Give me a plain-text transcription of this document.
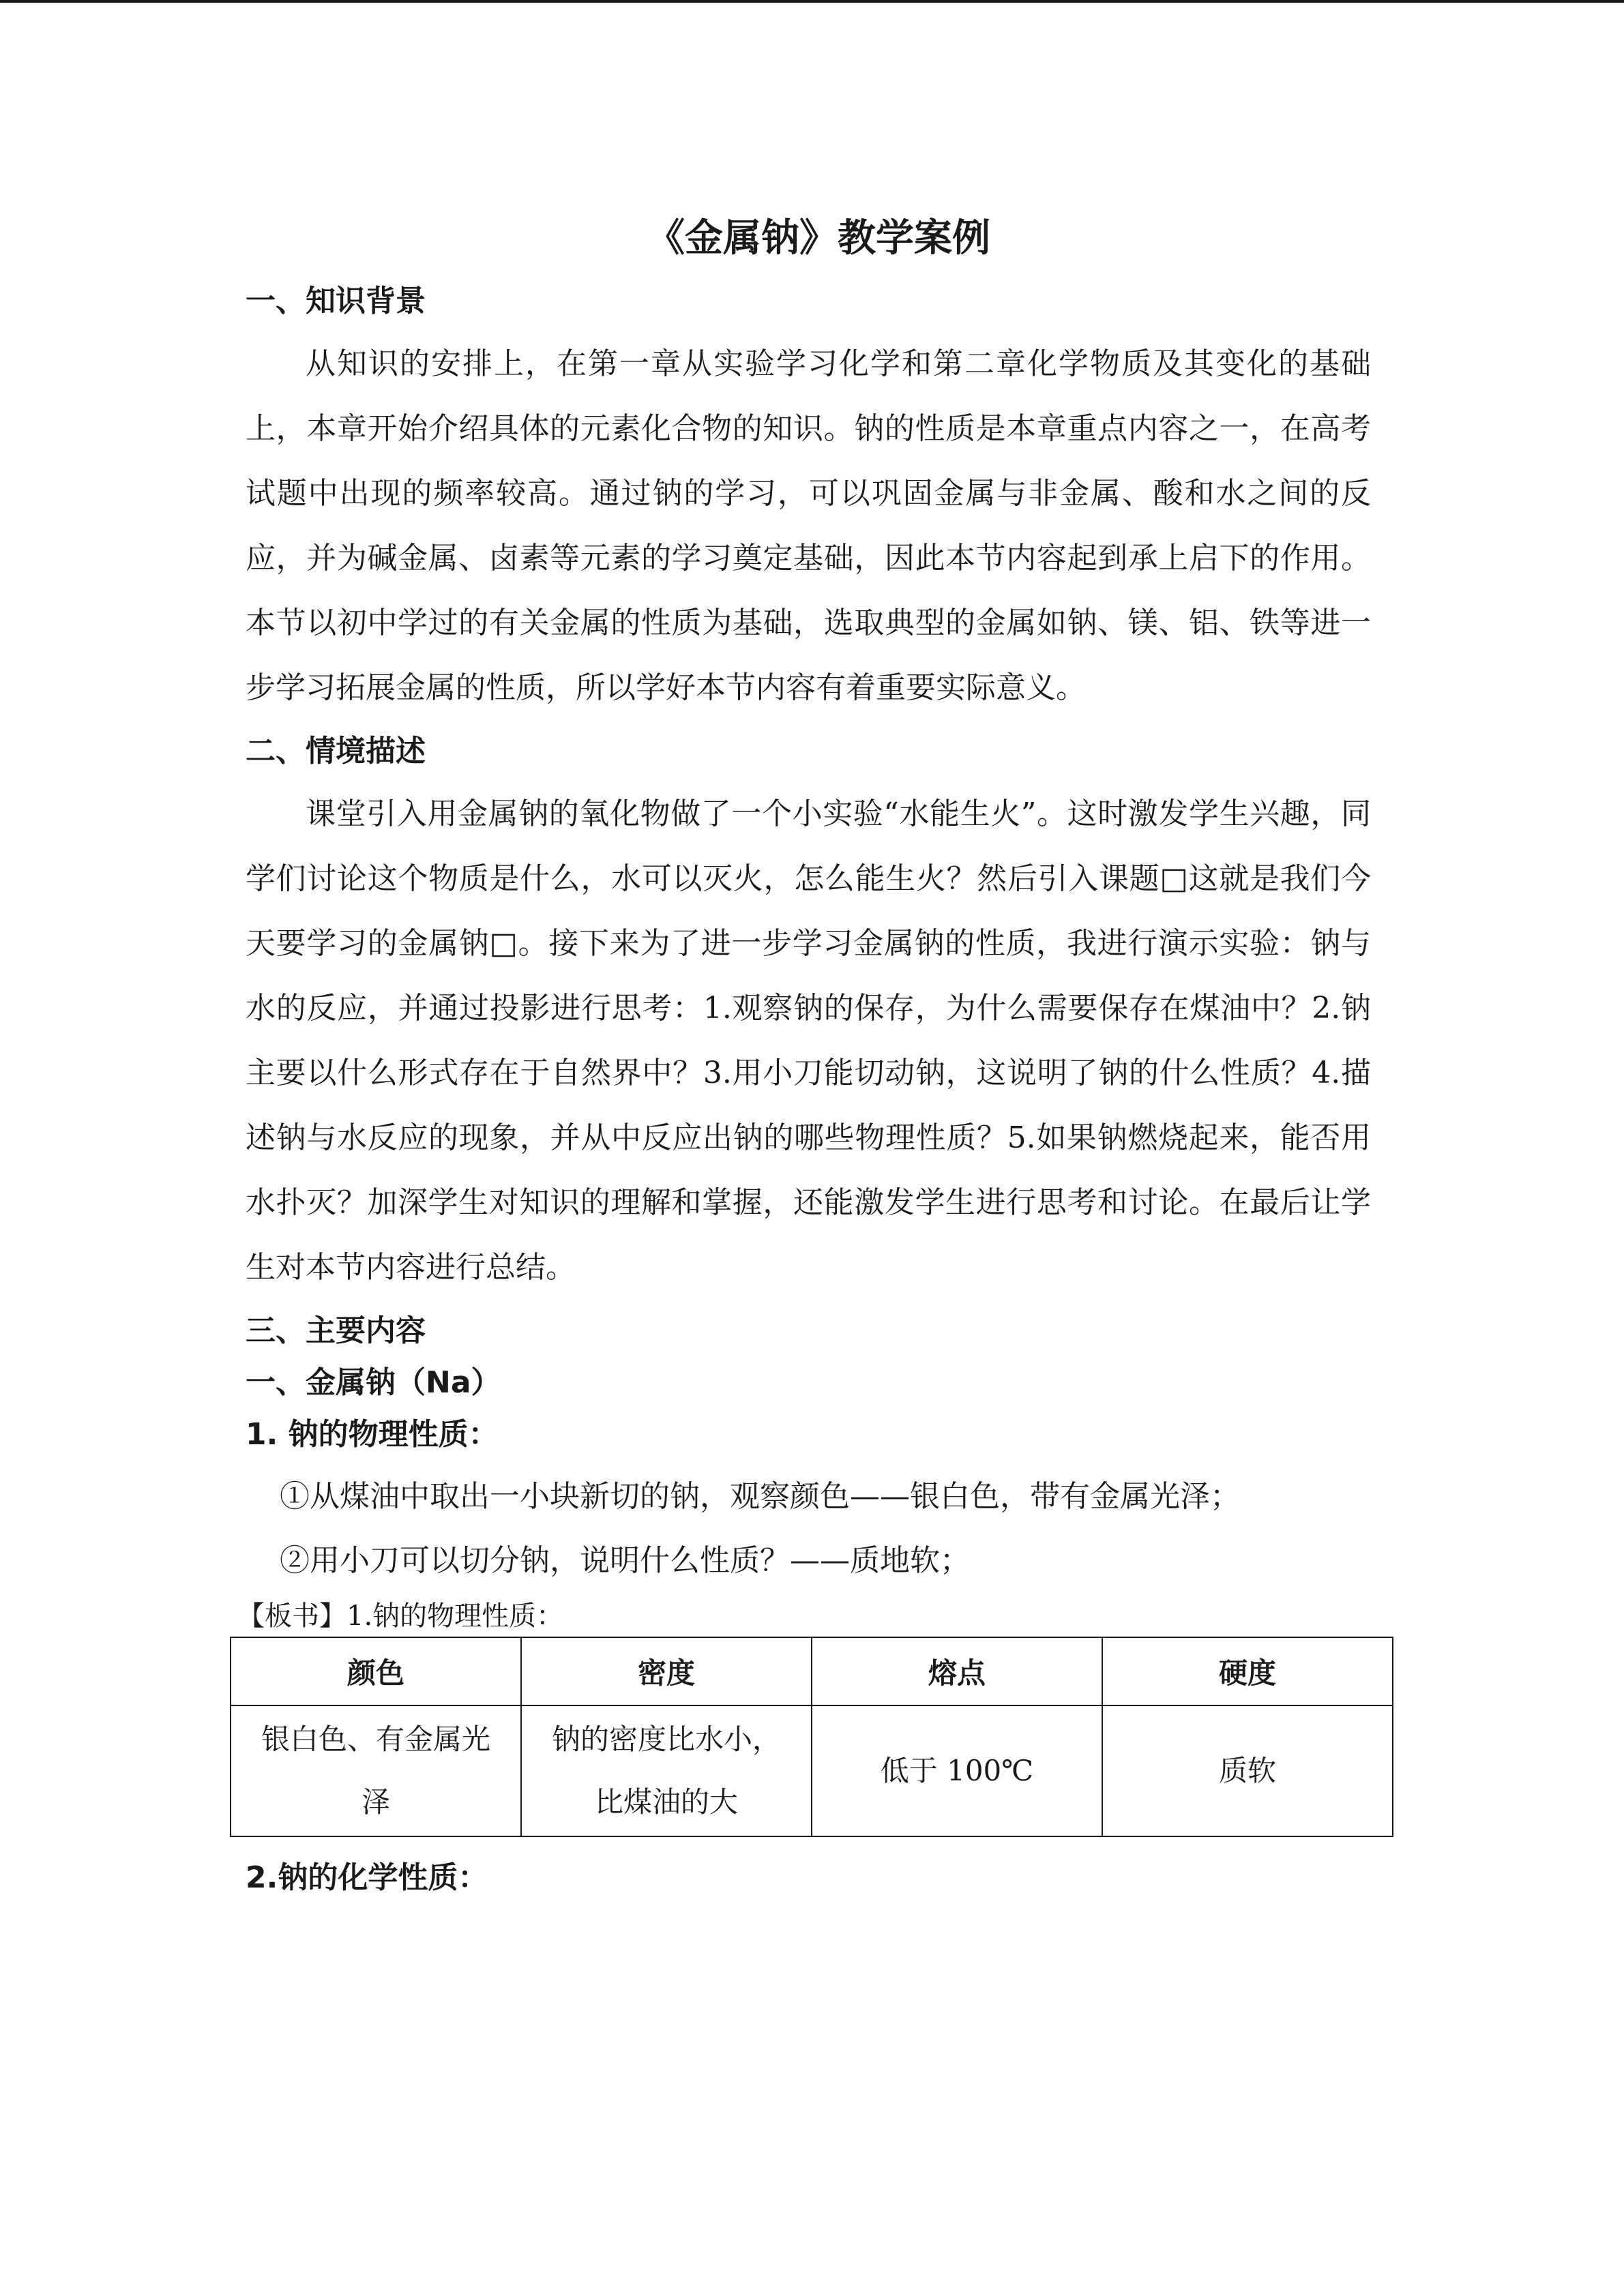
《金属钠》教学案例
一、知识背景

从知识的安排上，在第一章从实验学习化学和第二章化学物质及其变化的基础上，本章开始介绍具体的元素化合物的知识。钠的性质是本章重点内容之一，在高考试题中出现的频率较高。通过钠的学习，可以巩固金属与非金属、酸和水之间的反应，并为碱金属、卤素等元素的学习奠定基础，因此本节内容起到承上启下的作用。本节以初中学过的有关金属的性质为基础，选取典型的金属如钠、镁、铝、铁等进一步学习拓展金属的性质，所以学好本节内容有着重要实际意义。

二、情境描述

课堂引入用金属钠的氧化物做了一个小实验“水能生火”。这时激发学生兴趣，同学们讨论这个物质是什么，水可以灭火，怎么能生火？然后引入课题□这就是我们今天要学习的金属钠□。接下来为了进一步学习金属钠的性质，我进行演示实验：钠与水的反应，并通过投影进行思考：1.观察钠的保存，为什么需要保存在煤油中？2.钠主要以什么形式存在于自然界中？3.用小刀能切动钠，这说明了钠的什么性质？4.描述钠与水反应的现象，并从中反应出钠的哪些物理性质？5.如果钠燃烧起来，能否用水扑灭？加深学生对知识的理解和掌握，还能激发学生进行思考和讨论。在最后让学生对本节内容进行总结。

三、主要内容
一、金属钠（Na）
1. 钠的物理性质：

①从煤油中取出一小块新切的钠，观察颜色——银白色，带有金属光泽；

②用小刀可以切分钠，说明什么性质？——质地软；

【板书】1.钠的物理性质：
颜色	密度	熔点	硬度
银白色、有金属光泽	钠的密度比水小，比煤油的大	低于 100℃	质软
2.钠的化学性质：
